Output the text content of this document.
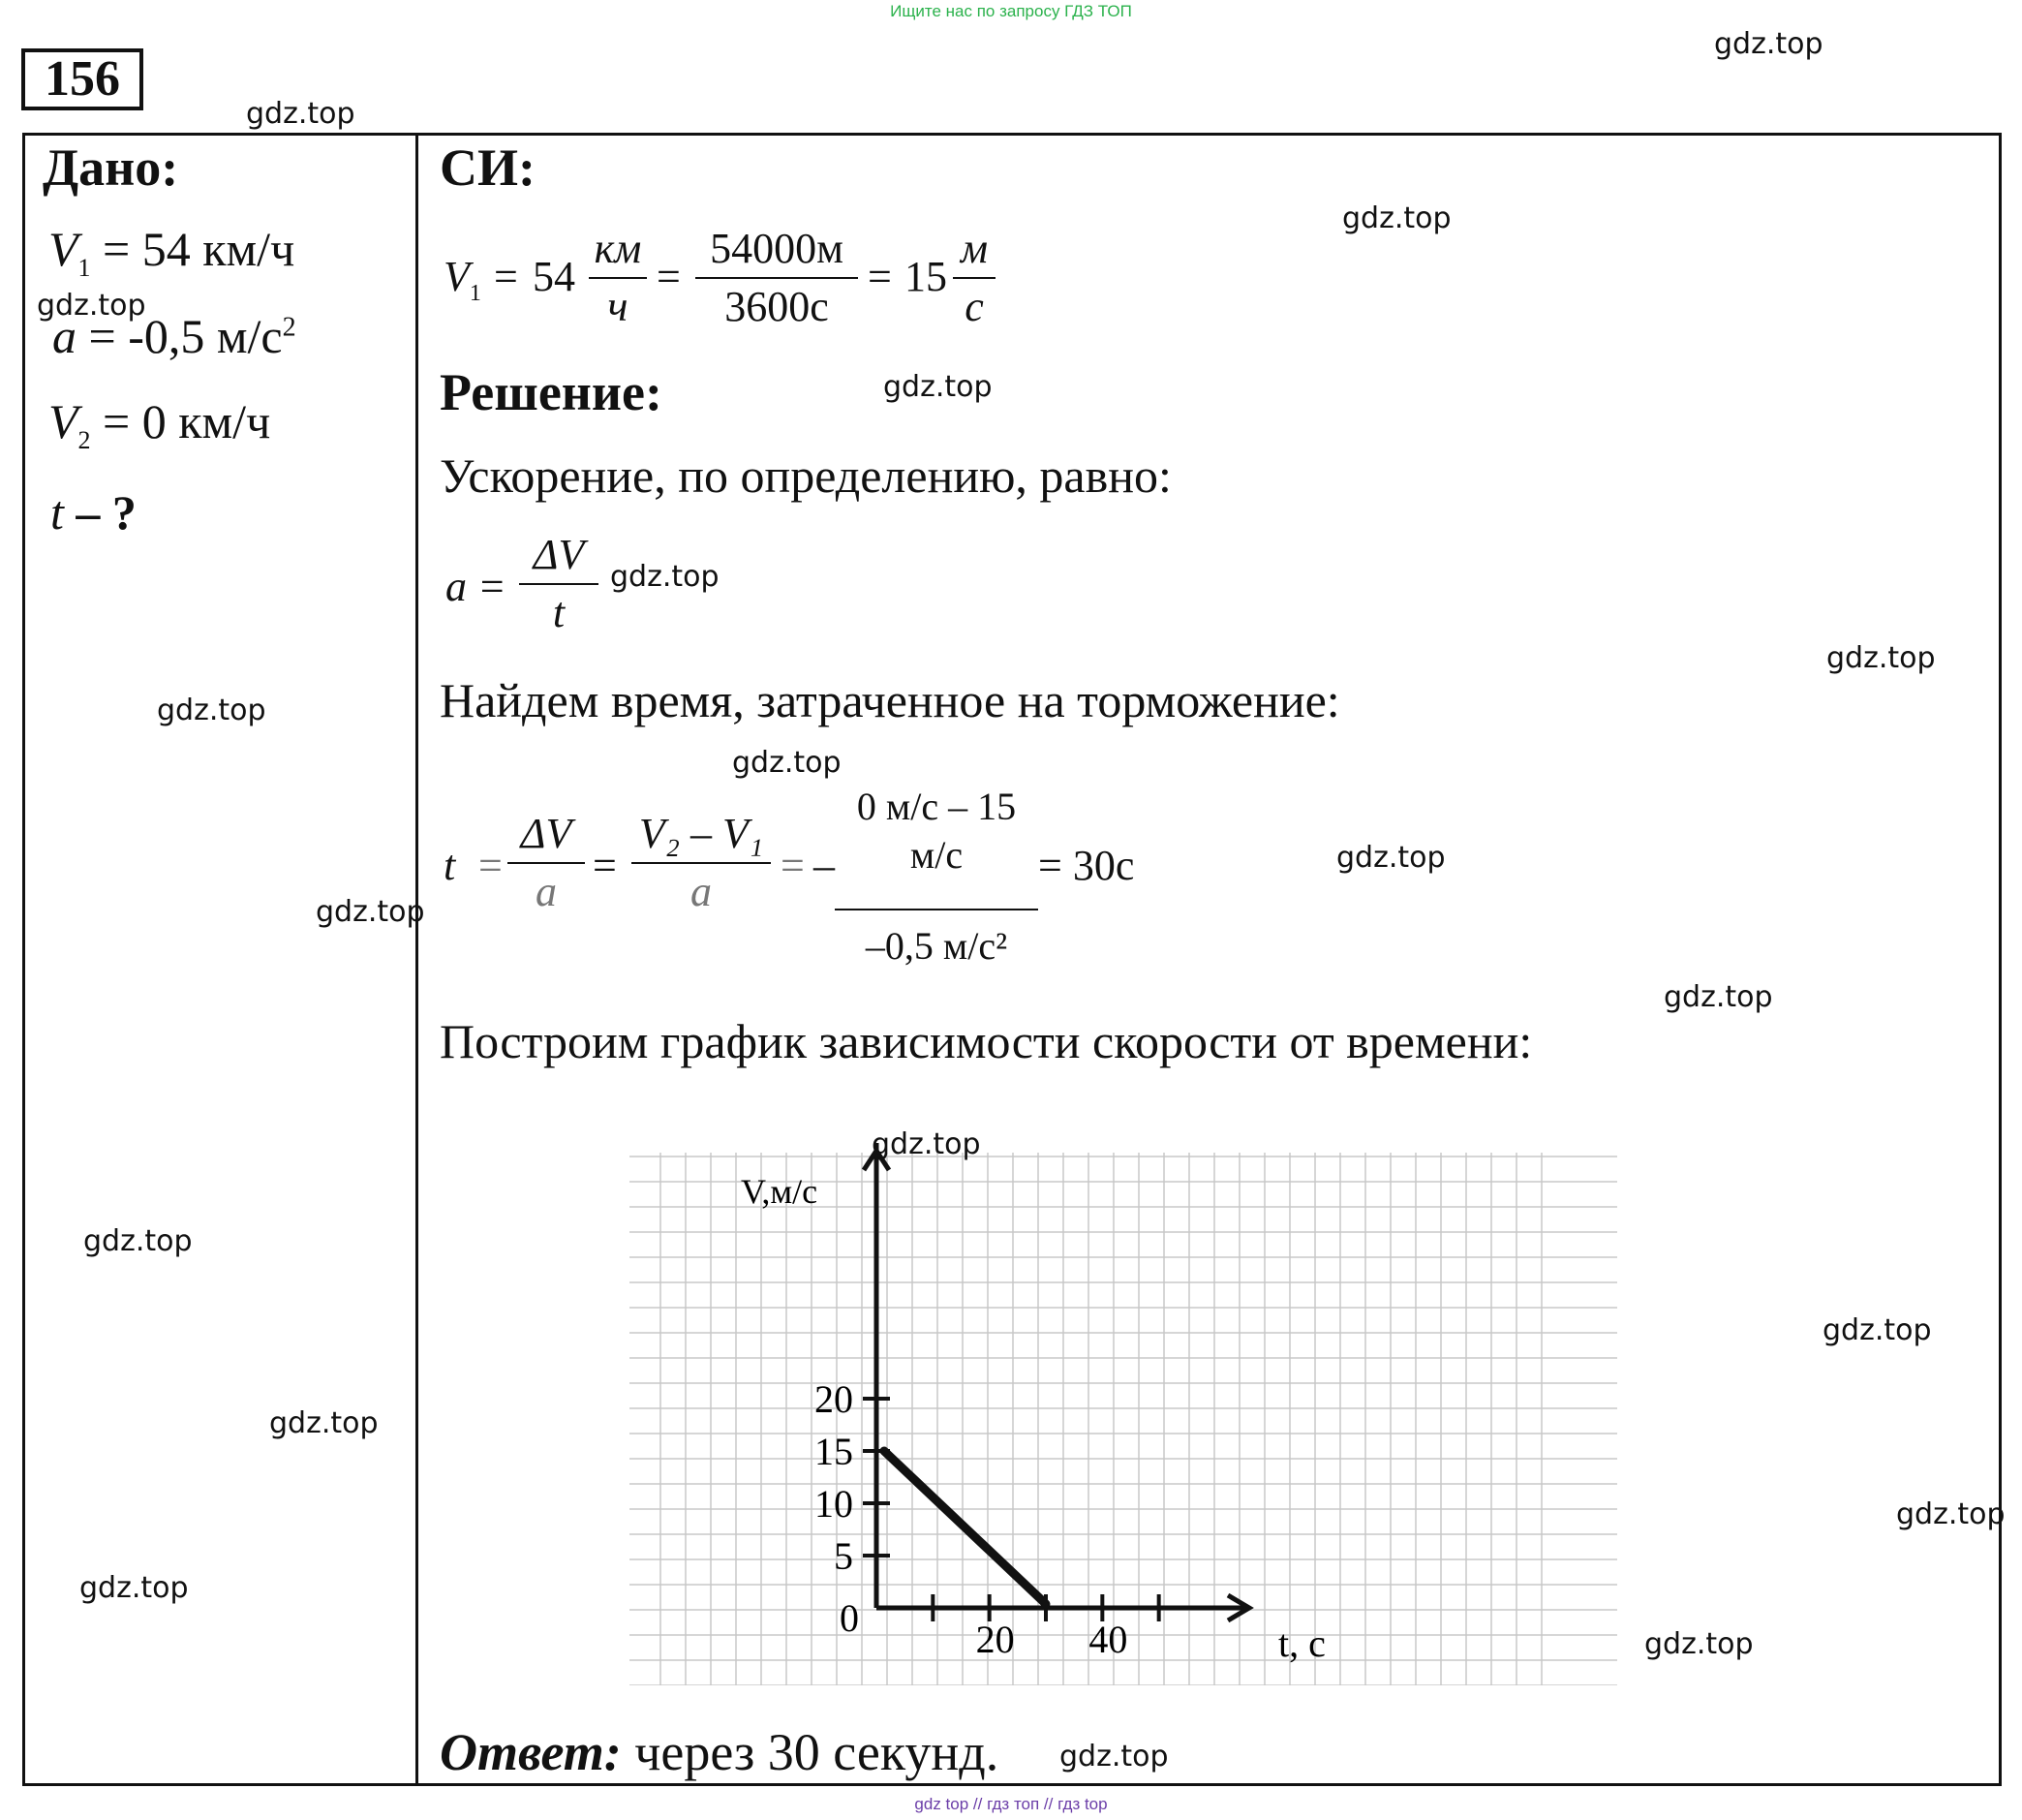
Ищите нас по запросу ГДЗ ТОП
gdz top // гдз топ // гдз top
156
Дано:
$V_1 = 54$ км/ч
a = -0,5 $м/с^2$
$V_2 = 0$ км/ч
t – ?
СИ:
$V_1 = 54$
км
ч
=
54000м
3600с
= 15
м
с
Решение:
Ускорение, по определению, равно:
a =
ΔV
t
Найдем время, затраченное на торможение:
t =
ΔV
a
=
V₂ – V₁
a
= –
0 м/с – 15 м/с
–0,5 м/с²
= 30с
Построим график зависимости скорости от времени:
V,м/с
t, с
0
5
10
15
20
20 40
Ответ: через 30 секунд.
gdz.top
gdz.top
gdz.top
gdz.top
gdz.top
gdz.top
gdz.top
gdz.top
gdz.top
gdz.top
gdz.top
gdz.top
gdz.top
gdz.top
gdz.top
gdz.top
gdz.top
gdz.top
gdz.top
gdz.top
